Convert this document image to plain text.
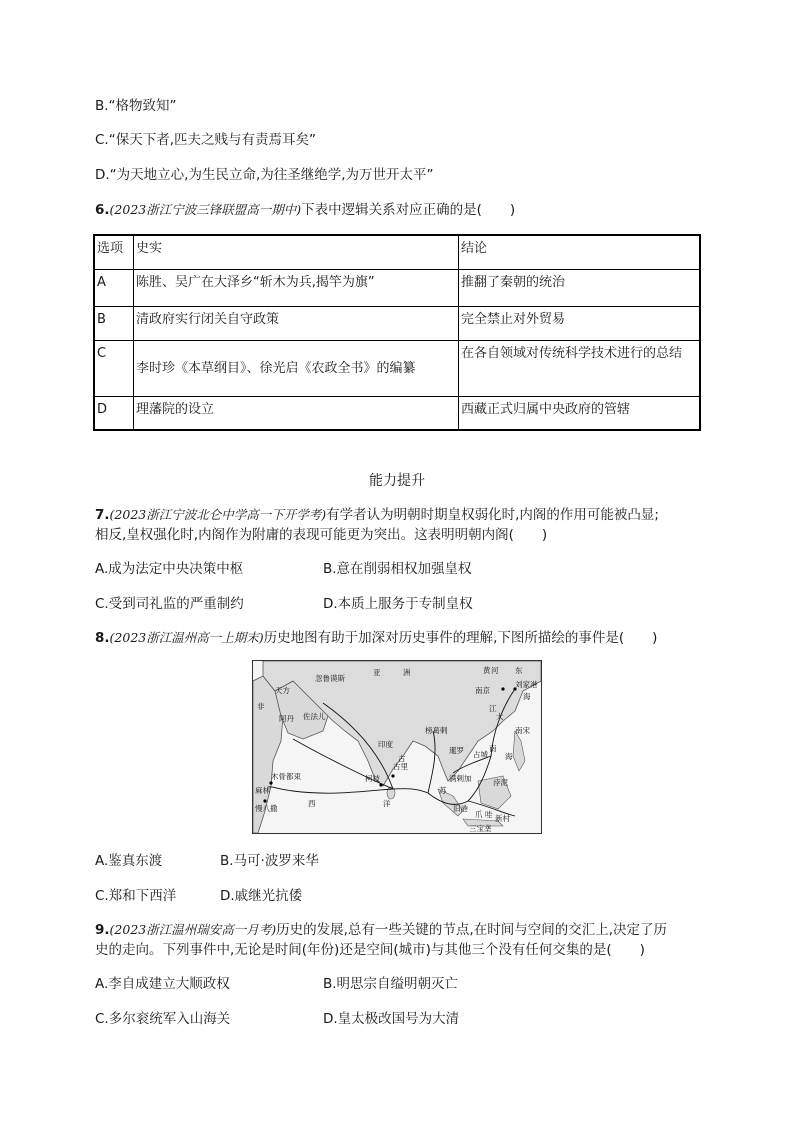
B.“格物致知”
C.“保天下者,匹夫之贱与有责焉耳矣”
D.“为天地立心,为生民立命,为往圣继绝学,为万世开太平”
6.(2023浙江宁波三锋联盟高一期中)下表中逻辑关系对应正确的是( )
选项	史实	结论
A	陈胜、吴广在大泽乡“斩木为兵,揭竿为旗”	推翻了秦朝的统治
B	清政府实行闭关自守政策	完全禁止对外贸易
C	李时珍《本草纲目》、徐光启《农政全书》的编纂	在各自领域对传统科学技术进行的总结
D	理藩院的设立	西藏正式归属中央政府的管辖
能力提升
7.(2023浙江宁波北仑中学高一下开学考)有学者认为明朝时期皇权弱化时,内阁的作用可能被凸显;
相反,皇权强化时,内阁作为附庸的表现可能更为突出。这表明明朝内阁( )
A.成为法定中央决策中枢	B.意在削弱相权加强皇权
C.受到司礼监的严重制约	D.本质上服务于专制皇权
8.(2023浙江温州高一上期末)历史地图有助于加深对历史事件的理解,下图所描绘的事件是( )
亚	洲	黄 河 东
南京
刘家港
江
大
海
天方
忽鲁谟斯
非
阿丹 佐法儿
印度
榜葛剌	南宋
占城
暹罗	南
海
古
古里
柯枝
木骨都束
麻林
慢八撒
西	洋
满剌加	浡泥
旧港
新村
三宝垄
苏
爪 哇
A.鉴真东渡	B.马可·波罗来华
C.郑和下西洋	D.戚继光抗倭
9.(2023浙江温州瑞安高一月考)历史的发展,总有一些关键的节点,在时间与空间的交汇上,决定了历
史的走向。下列事件中,无论是时间(年份)还是空间(城市)与其他三个没有任何交集的是( )
A.李自成建立大顺政权	B.明思宗自缢明朝灭亡
C.多尔衮统军入山海关	D.皇太极改国号为大清
